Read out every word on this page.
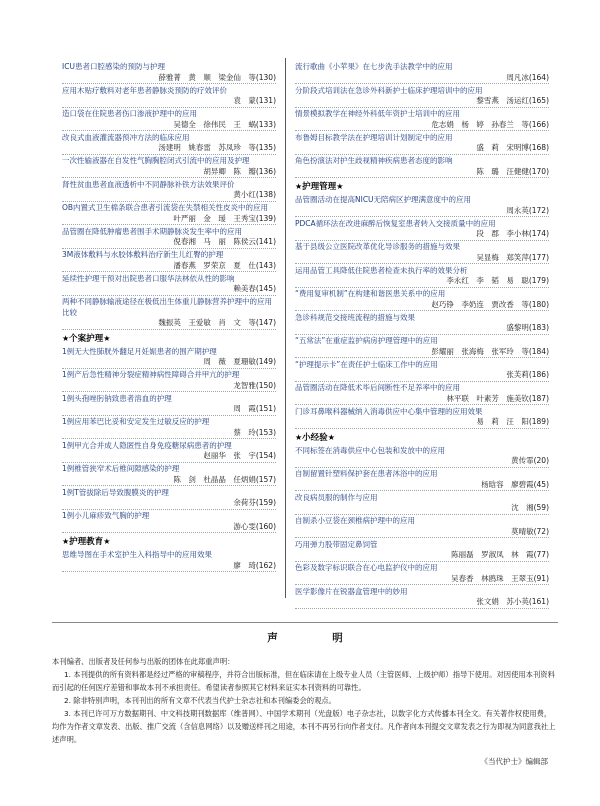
ICU患者口腔感染的预防与护理
薛雅菁　黄　顺　梁金仙　等(130)
应用木贴疗敷料对老年患者静脉炎预防的疗效评价
袁　蒙(131)
造口袋在住院患者伤口渗液护理中的应用
吴德全　徐伟民　王　蜗(133)
改良式血液灌流器预冲方法的临床应用
汤建明　姚春雷　苏凤珍　等(135)
一次性输液器在自发性气胸胸腔闭式引流中的应用及护理
胡异卿　陈　瓣(136)
肾性贫血患者血液透析中不同静脉补铁方法效果评价
黄小红(138)
OB内置式卫生棉条联合患者引流袋在失禁相关性皮炎中的应用
叶严丽　金　瑷　王秀宝(139)
品管圈在降低肿瘤患者围手术期静脉炎发生率中的应用
倪春湘　马　丽　陈侯云(141)
3M液体敷料与水胶体敷料治疗新生儿红臀的护理
潘春燕　罗荣京　夏　仕(143)
延续性护理干预对出院患者口服华法林依从性的影响
赖美春(145)
两种不同静脉输液途径在极低出生体重儿静脉营养护理中的应用比较
魏振英　王爱敏　肖　文　等(147)
★个案护理★
1例无大性肺胱外翻足月妊娠患者的围产期护理
周　薇　夏珊敏(149)
1例产后急性精神分裂症精神病性障碍合并甲亢的护理
龙智雅(150)
1例头孢唑肟钠致患者溶血的护理
周　霞(151)
1例应用苯巴比妥和安定发生过敏反应的护理
蔡　玲(153)
1例甲亢合并成人隐匿性自身免疫糖尿病患者的护理
赵丽华　张　宇(154)
1例椎管狭窄术后椎间隙感染的护理
陈　剑　杜晶晶　任炳娟(157)
1例T管拔除后导致腹膜炎的护理
余荷芬(159)
1例小儿麻疹致气胸的护理
游心雯(160)
★护理教育★
思维导图在手术室护生入科指导中的应用效果
廖　琦(162)
流行歌曲《小苹果》在七步洗手法教学中的应用
周凡冰(164)
分阶段式培训法在急诊外科新护士临床护理培训中的应用
黎雪燕　汤运红(165)
情景模拟教学在神经外科低年资护士培训中的应用
危志娟　杨　婷　孙春兰　等(166)
布鲁姆目标教学法在护理培训计划制定中的应用
盛　莉　宋明博(168)
角色扮演法对护生歧视精神疾病患者态度的影响
陈　璐　汪健健(170)
★护理管理★
品管圈活动在提高NICU无陪病区护理满意度中的应用
周永英(172)
PDCA循环法在改进麻醉后恢复室患者转入交接质量中的应用
段　郡　李小林(174)
基于县级公立医院改革优化导诊服务的措施与效果
吴显梅　郑笑萍(177)
运用品管工具降低住院患者检查未执行率的效果分析
李永红　李　韬　易　聪(179)
“费用复审机制”在构建和谐医患关系中的应用
赵巧铮　李奶连　贾改香　等(180)
急诊科规范交接班流程的措施与效果
盛黎明(183)
“五常法”在重症监护病房护理管理中的应用
彭耀丽　张海梅　张军玲　等(184)
“护理提示卡”在责任护士临床工作中的应用
张芙莉(186)
品管圈活动在降低术毕后间断性不足养率中的应用
林平联　叶素芳　施美钦(187)
门诊耳鼻喉科器械纳入消毒供应中心集中管理的应用效果
易　莉　汪　阳(189)
★小经验★
不同标签在消毒供应中心包装和发放中的应用
黄传霏(20)
自制留置针塑料保护套在患者沐浴中的应用
杨晗容　廖碧霞(45)
改良病员服的制作与应用
沈　湘(59)
自制杀小豆袋在颈椎病护理中的应用
莫晴敏(72)
巧用弹力股带固定鼻饲管
陈丽磊　罗淑凤　林　霞(77)
色彩及数字标识联合在心电监护仪中的应用
吴春香　林鸥珠　王翠玉(91)
医学影像片在锐器盒管理中的妙用
张文娟　苏小英(161)
声　明

本刊编者、出版者及任何参与出版的团体在此郑重声明：

1. 本刊提供的所有资料都是经过严格的审稿程序，并符合出版标准，但在临床请在上级专业人员（主管医师、上级护师）指导下使用。对因使用本刊资料而引起的任何医疗差错和事故本刊不承担责任。希望读者参照其它材料来证实本刊资料的可靠性。

2. 除非特别声明，本刊刊出的所有文章不代表当代护士杂志社和本刊编委会的观点。

3. 本刊已许可万方数据期刊、中文科技期刊数据库（维普网）、中国学术期刊（光盘版）电子杂志社，以数字化方式传播本刊全文。有关著作权使用费，均作为作者文章发表、出版、推广交流（含信息网络）以及赠送样刊之用途，本刊不再另行向作者支付。凡作者向本刊提交文章发表之行为即视为同意我社上述声明。

《当代护士》编辑部
